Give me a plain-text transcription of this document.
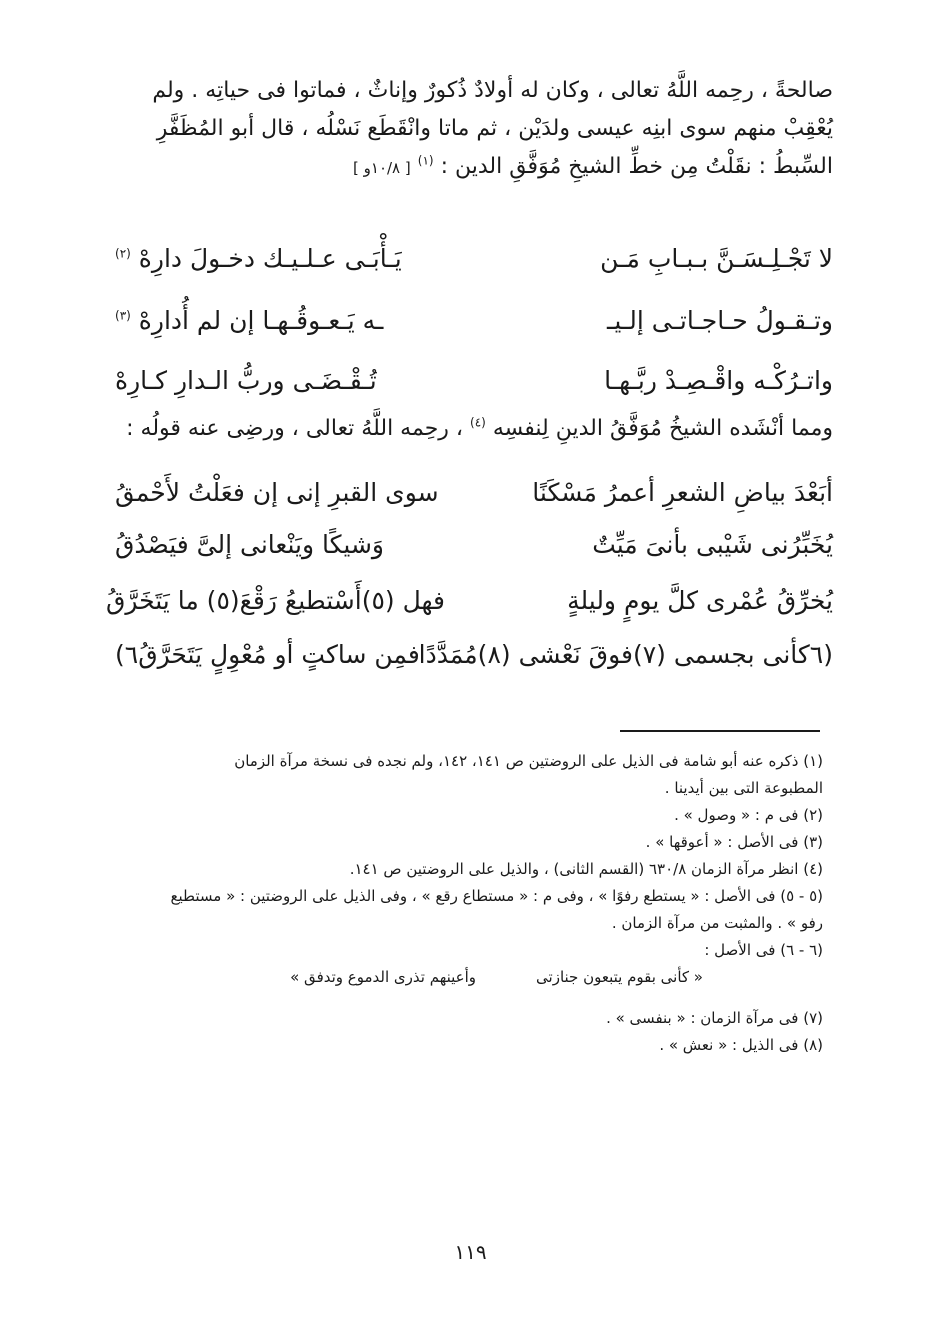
صالحةً ، رحِمه اللَّهُ تعالى ، وكان له أولادٌ ذُكورٌ وإناثٌ ، فماتوا فى حياتِه . ولم

يُعْقِبْ منهم سوى ابنِه عيسى ولدَيْن ، ثم ماتا وانْقَطَع نَسْلُه ، قال أبو المُظَفَّرِ

السِّبطُ : نقَلْتُ مِن خطِّ الشيخِ مُوَفَّقِ الدين : $^{(١)}$ [ ١٠/٨و ]

لا تَجْـلِـسَـنَّ بـبـابِ مَـن
يَـأْبَـى عـلـيـك دخـولَ دارِهْ $^{(٢)}$
وتـقـولُ حـاجـاتـى إلـيـ
ـه يَـعـوقُـهـا إن لم أُدارِهْ $^{(٣)}$
واتـرُكْـه واقْـصِـدْ ربَّـهـا
تُـقْـضَـى وربُّ الـدارِ كـارِهْ

ومما أنْشَده الشيخُ مُوَفَّقُ الدينِ لِنفسِه $^{(٤)}$ ، رحِمه اللَّهُ تعالى ، ورضِى عنه قولُه :

أبَعْدَ بياضِ الشعرِ أعمرُ مَسْكَنًا
سوى القبرِ إنى إن فعَلْتُ لأَحْمقُ
يُخَبِّرُنى شَيْبى بأنىَ مَيِّتٌ
وَشيكًا ويَنْعانى إلىَّ فيَصْدُقُ
يُخرِّقُ عُمْرى كلَّ يومٍ وليلةٍ
فهل (٥)أَسْتطيعُ رَقْعَ(٥) ما يَتَخَرَّقُ
(٦كأنى بجسمى (٧)فوقَ نَعْشى (٨)مُمَدَّدًا
فمِن ساكتٍ أو مُعْوِلٍ يَتَحَرَّقُ٦)

(١) ذكره عنه أبو شامة فى الذيل على الروضتين ص ١٤١، ١٤٢، ولم نجده فى نسخة مرآة الزمان

المطبوعة التى بين أيدينا .

(٢) فى م : « وصول » .

(٣) فى الأصل : « أعوقها » .

(٤) انظر مرآة الزمان ٦٣٠/٨ (القسم الثانى) ، والذيل على الروضتين ص ١٤١.

(٥ - ٥) فى الأصل : « يستطع رفوًا » ، وفى م : « مستطاع رقع » ، وفى الذيل على الروضتين : « مستطيع

رفو » . والمثبت من مرآة الزمان .

(٦ - ٦) فى الأصل :

« كأنى بقوم يتبعون جنازتى
وأعينهم تذرى الدموع وتدفق »

(٧) فى مرآة الزمان : « بنفسى » .

(٨) فى الذيل : « نعش » .

١١٩
